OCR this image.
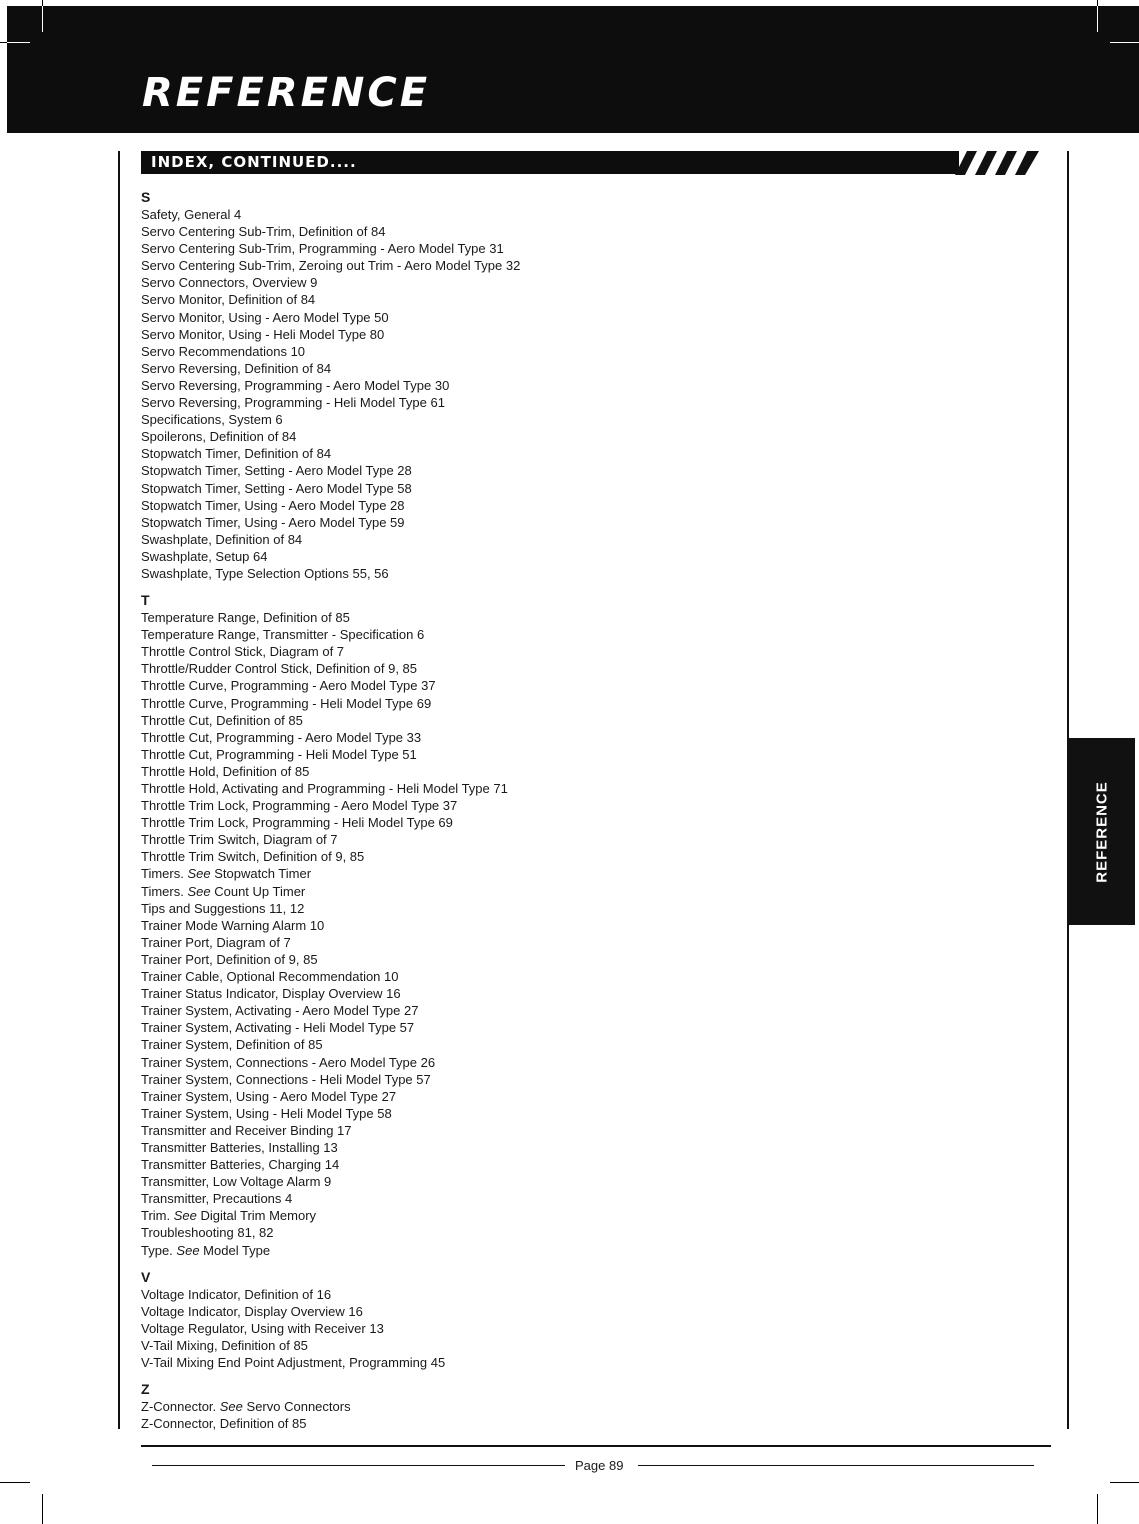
REFERENCE
INDEX, CONTINUED....
REFERENCE
S
Safety, General 4
Servo Centering Sub-Trim, Definition of 84
Servo Centering Sub-Trim, Programming - Aero Model Type 31
Servo Centering Sub-Trim, Zeroing out Trim - Aero Model Type 32
Servo Connectors, Overview 9
Servo Monitor, Definition of 84
Servo Monitor, Using - Aero Model Type 50
Servo Monitor, Using - Heli Model Type 80
Servo Recommendations 10
Servo Reversing, Definition of 84
Servo Reversing, Programming - Aero Model Type 30
Servo Reversing, Programming - Heli Model Type 61
Specifications, System 6
Spoilerons, Definition of 84
Stopwatch Timer, Definition of 84
Stopwatch Timer, Setting - Aero Model Type 28
Stopwatch Timer, Setting - Aero Model Type 58
Stopwatch Timer, Using - Aero Model Type 28
Stopwatch Timer, Using - Aero Model Type 59
Swashplate, Definition of 84
Swashplate, Setup 64
Swashplate, Type Selection Options 55, 56
T
Temperature Range, Definition of 85
Temperature Range, Transmitter - Specification 6
Throttle Control Stick, Diagram of 7
Throttle/Rudder Control Stick, Definition of 9, 85
Throttle Curve, Programming - Aero Model Type 37
Throttle Curve, Programming - Heli Model Type 69
Throttle Cut, Definition of 85
Throttle Cut, Programming - Aero Model Type 33
Throttle Cut, Programming - Heli Model Type 51
Throttle Hold, Definition of 85
Throttle Hold, Activating and Programming - Heli Model Type 71
Throttle Trim Lock, Programming - Aero Model Type 37
Throttle Trim Lock, Programming - Heli Model Type 69
Throttle Trim Switch, Diagram of 7
Throttle Trim Switch, Definition of 9, 85
Timers. See Stopwatch Timer
Timers. See Count Up Timer
Tips and Suggestions 11, 12
Trainer Mode Warning Alarm 10
Trainer Port, Diagram of 7
Trainer Port, Definition of 9, 85
Trainer Cable, Optional Recommendation 10
Trainer Status Indicator, Display Overview 16
Trainer System, Activating - Aero Model Type 27
Trainer System, Activating - Heli Model Type 57
Trainer System, Definition of 85
Trainer System, Connections - Aero Model Type 26
Trainer System, Connections - Heli Model Type 57
Trainer System, Using - Aero Model Type 27
Trainer System, Using - Heli Model Type 58
Transmitter and Receiver Binding 17
Transmitter Batteries, Installing 13
Transmitter Batteries, Charging 14
Transmitter, Low Voltage Alarm 9
Transmitter, Precautions 4
Trim. See Digital Trim Memory
Troubleshooting 81, 82
Type. See Model Type
V
Voltage Indicator, Definition of 16
Voltage Indicator, Display Overview 16
Voltage Regulator, Using with Receiver 13
V-Tail Mixing, Definition of 85
V-Tail Mixing End Point Adjustment, Programming 45
Z
Z-Connector. See Servo Connectors
Z-Connector, Definition of 85
Page 89
